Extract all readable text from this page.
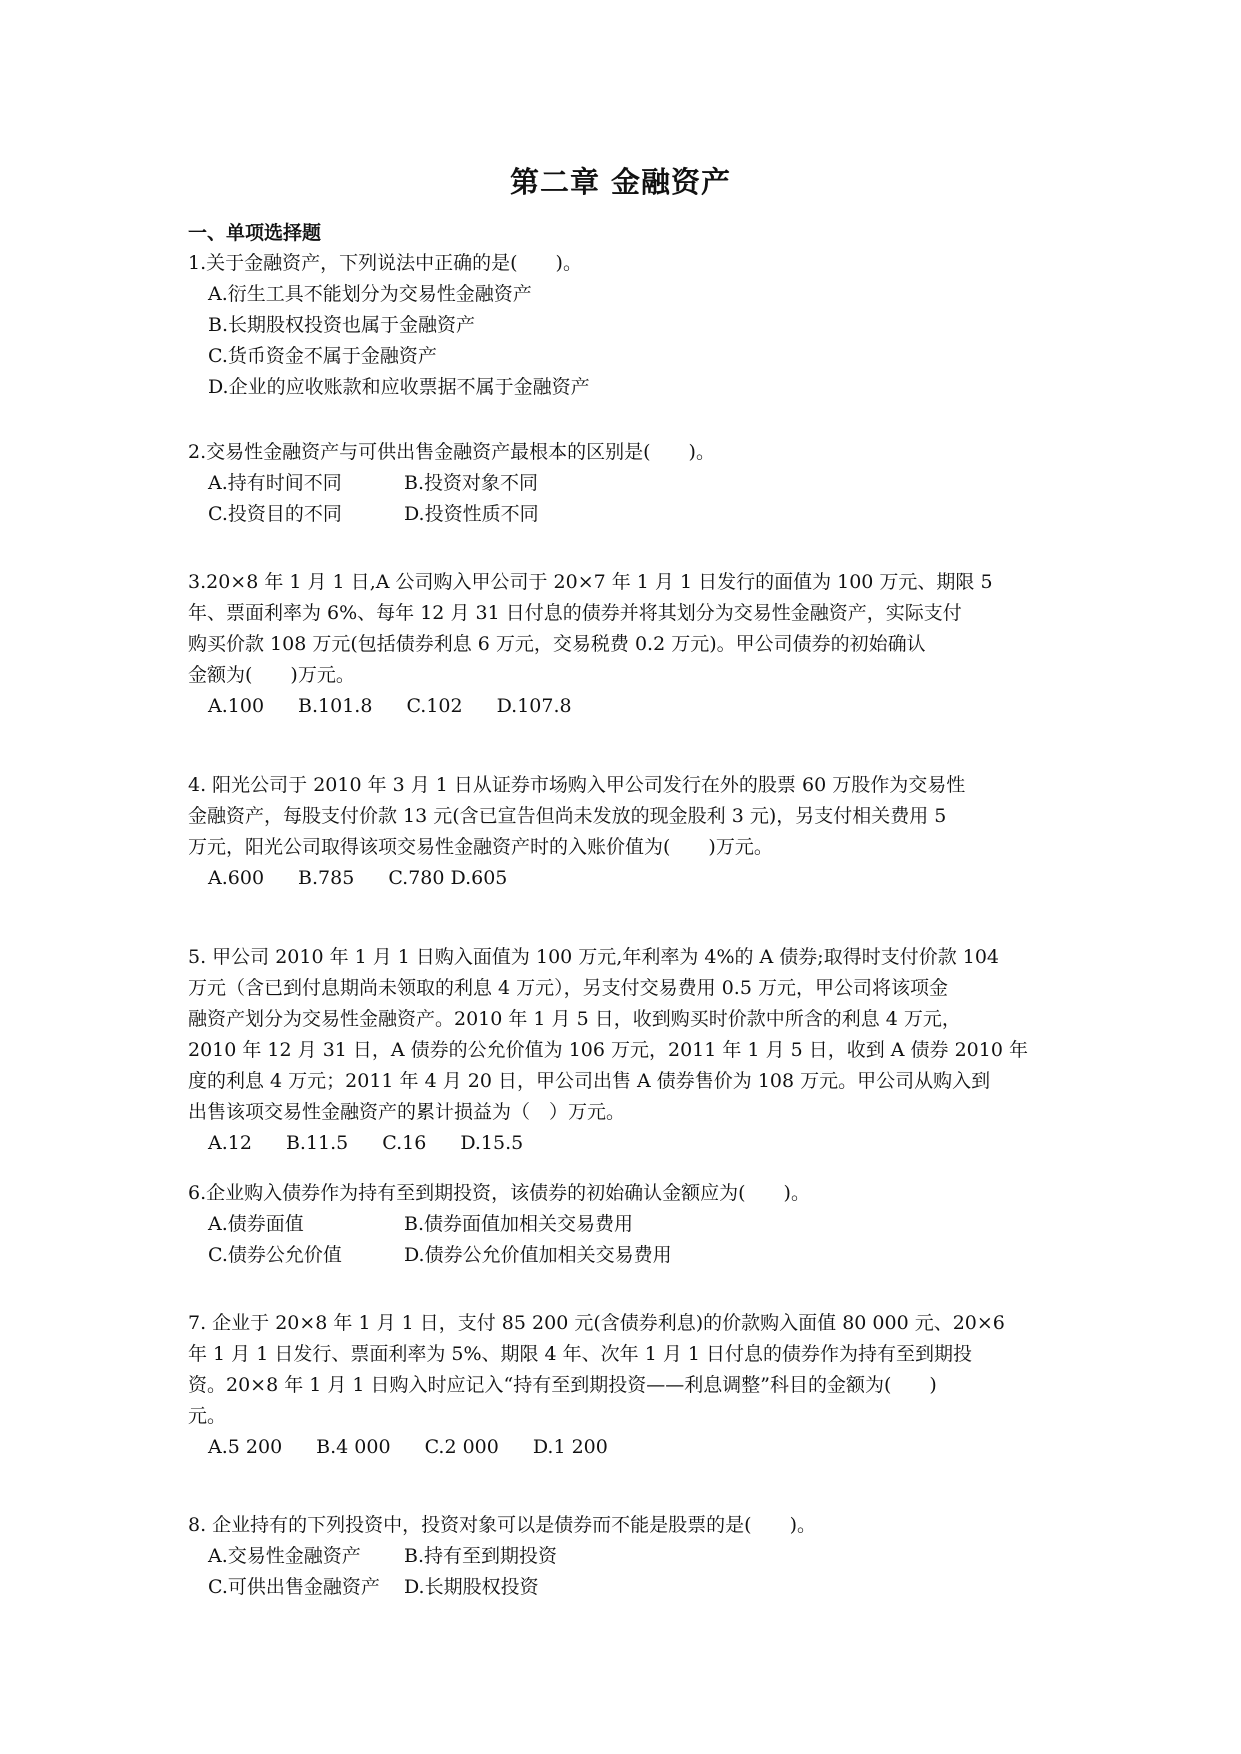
第二章 金融资产
一、单项选择题
1.关于金融资产，下列说法中正确的是(　　)。
A.衍生工具不能划分为交易性金融资产
B.长期股权投资也属于金融资产
C.货币资金不属于金融资产
D.企业的应收账款和应收票据不属于金融资产
2.交易性金融资产与可供出售金融资产最根本的区别是(　　)。
A.持有时间不同	B.投资对象不同
C.投资目的不同	D.投资性质不同
3.20×8 年 1 月 1 日,A 公司购入甲公司于 20×7 年 1 月 1 日发行的面值为 100 万元、期限 5
年、票面利率为 6%、每年 12 月 31 日付息的债券并将其划分为交易性金融资产，实际支付
购买价款 108 万元(包括债券利息 6 万元，交易税费 0.2 万元)。甲公司债券的初始确认
金额为(　　)万元。
A.100 B.101.8 C.102 D.107.8
4. 阳光公司于 2010 年 3 月 1 日从证券市场购入甲公司发行在外的股票 60 万股作为交易性
金融资产，每股支付价款 13 元(含已宣告但尚未发放的现金股利 3 元)，另支付相关费用 5
万元，阳光公司取得该项交易性金融资产时的入账价值为(　　)万元。
A.600 B.785 C.780 D.605
5. 甲公司 2010 年 1 月 1 日购入面值为 100 万元,年利率为 4%的 A 债券;取得时支付价款 104
万元（含已到付息期尚未领取的利息 4 万元），另支付交易费用 0.5 万元，甲公司将该项金
融资产划分为交易性金融资产。2010 年 1 月 5 日，收到购买时价款中所含的利息 4 万元，
2010 年 12 月 31 日，A 债券的公允价值为 106 万元，2011 年 1 月 5 日，收到 A 债券 2010 年
度的利息 4 万元；2011 年 4 月 20 日，甲公司出售 A 债券售价为 108 万元。甲公司从购入到
出售该项交易性金融资产的累计损益为（　）万元。
A.12 B.11.5 C.16 D.15.5
6.企业购入债券作为持有至到期投资，该债券的初始确认金额应为(　　)。
A.债券面值	B.债券面值加相关交易费用
C.债券公允价值	D.债券公允价值加相关交易费用
7. 企业于 20×8 年 1 月 1 日，支付 85 200 元(含债券利息)的价款购入面值 80 000 元、20×6
年 1 月 1 日发行、票面利率为 5%、期限 4 年、次年 1 月 1 日付息的债券作为持有至到期投
资。20×8 年 1 月 1 日购入时应记入“持有至到期投资——利息调整”科目的金额为(　　)
元。
A.5 200 B.4 000 C.2 000 D.1 200
8. 企业持有的下列投资中，投资对象可以是债券而不能是股票的是(　　)。
A.交易性金融资产 B.持有至到期投资
C.可供出售金融资产 D.长期股权投资
